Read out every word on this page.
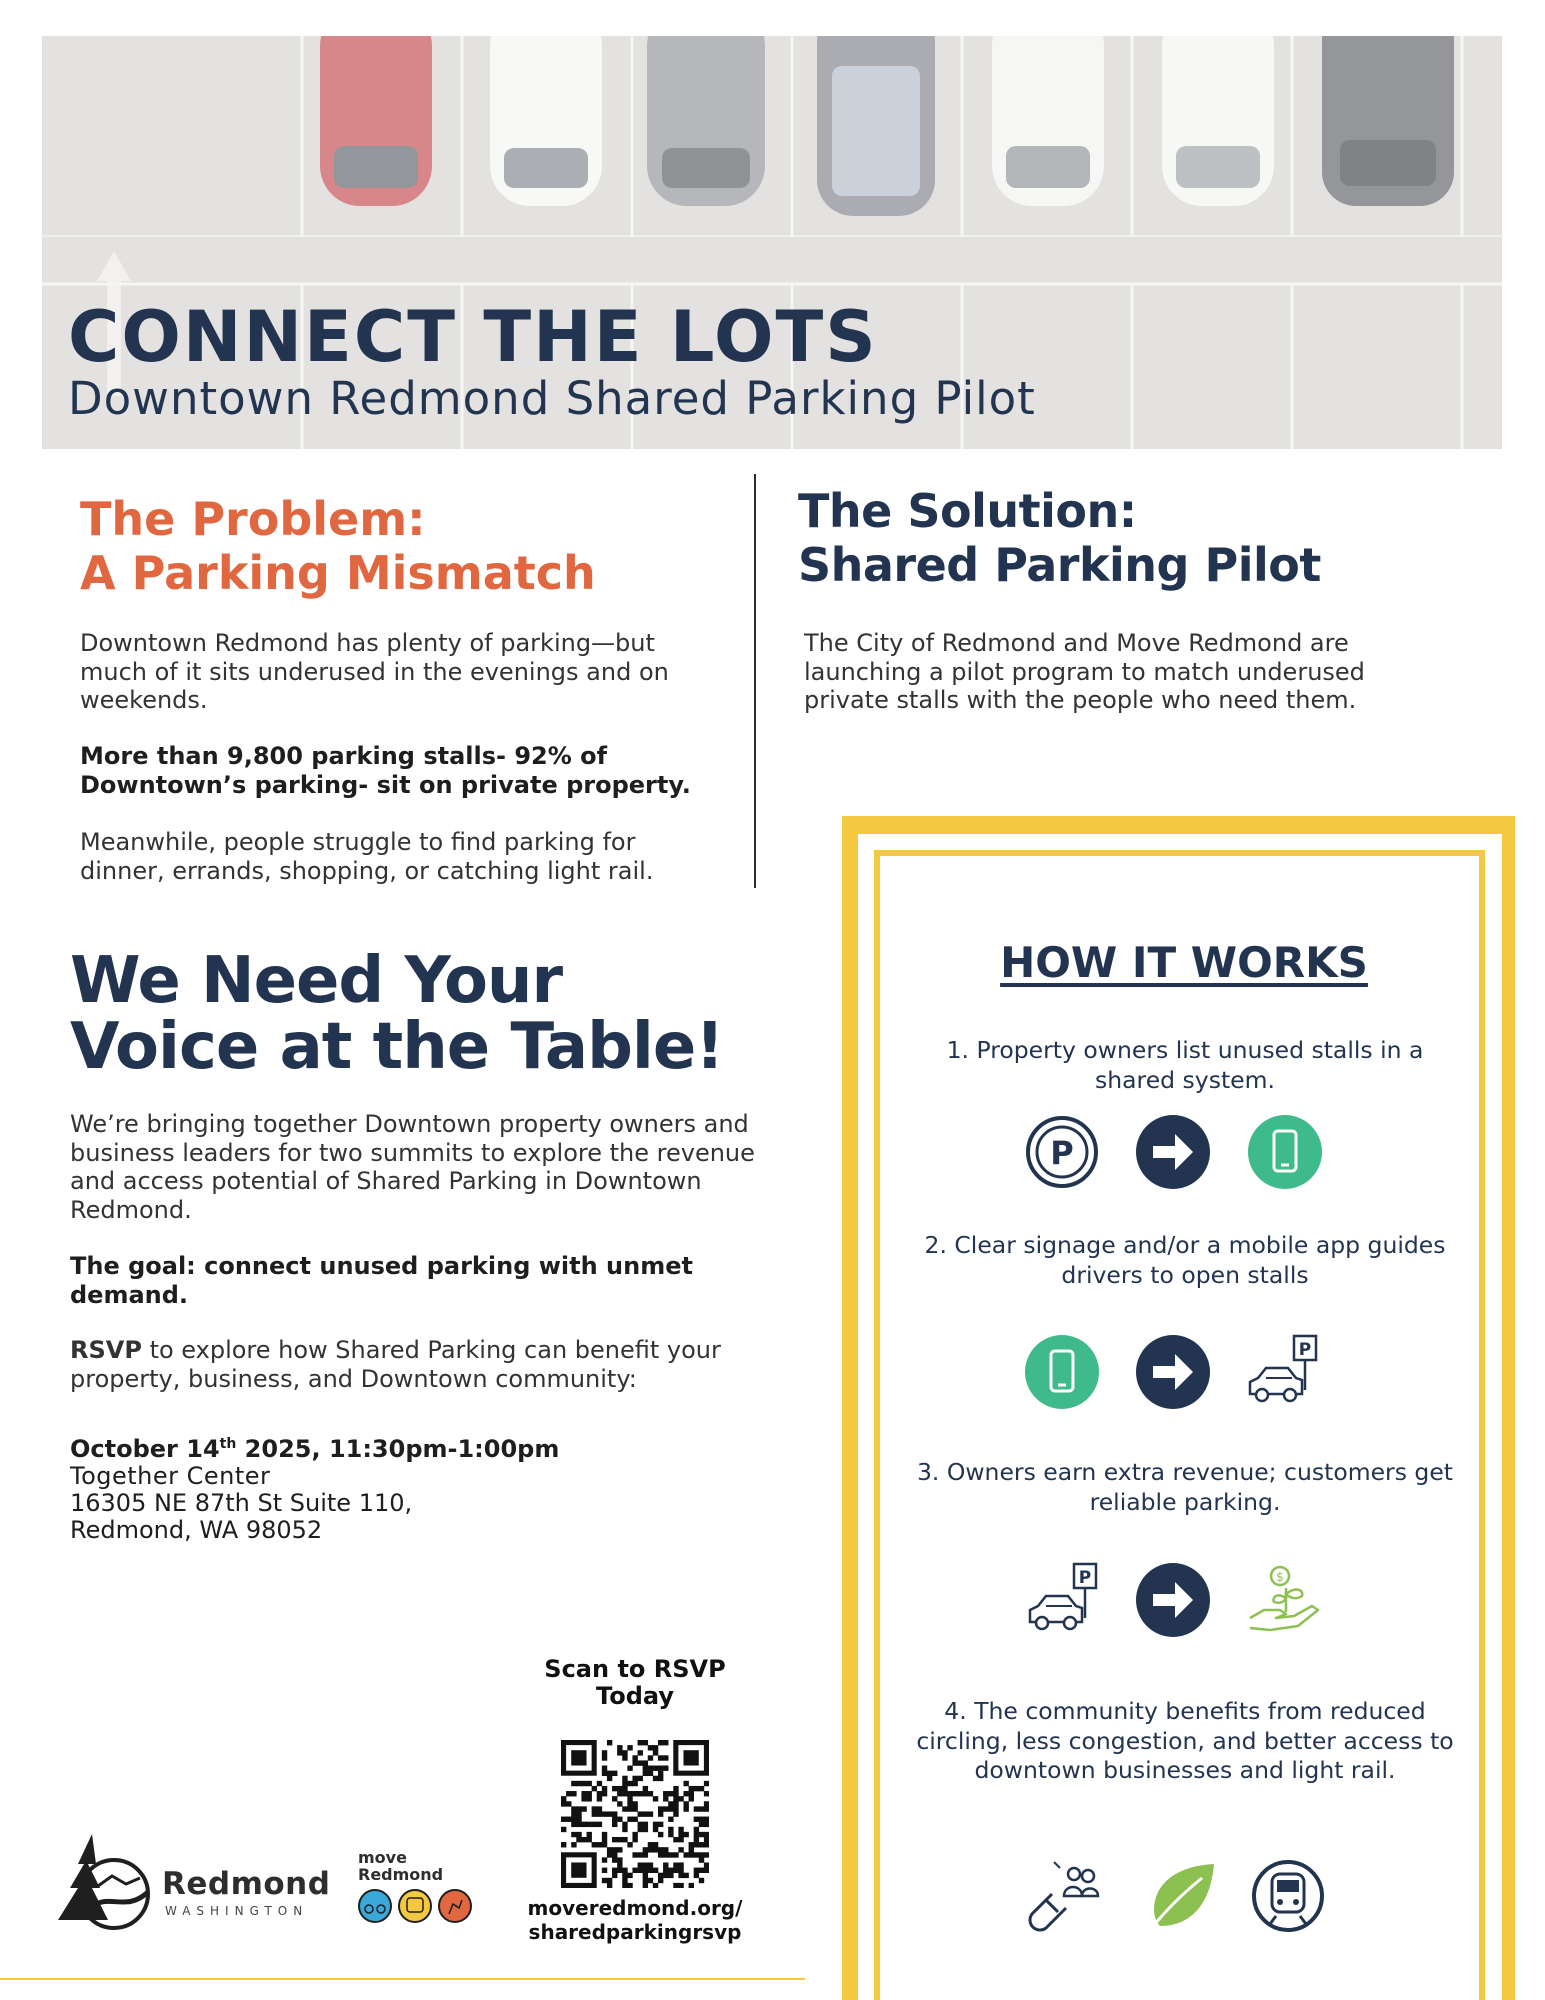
CONNECT THE LOTS
Downtown Redmond Shared Parking Pilot
The Problem:
A Parking Mismatch
Downtown Redmond has plenty of parking—but much of it sits underused in the evenings and on weekends.
More than 9,800 parking stalls- 92% of Downtown’s parking- sit on private property.
Meanwhile, people struggle to find parking for dinner, errands, shopping, or catching light rail.
The Solution:
Shared Parking Pilot
The City of Redmond and Move Redmond are launching a pilot program to match underused private stalls with the people who need them.
We Need Your
Voice at the Table!
We’re bringing together Downtown property owners and business leaders for two summits to explore the revenue and access potential of Shared Parking in Downtown Redmond.
The goal: connect unused parking with unmet demand.
RSVP to explore how Shared Parking can benefit your property, business, and Downtown community:
October 14th 2025, 11:30pm-1:00pm
Together Center
16305 NE 87th St Suite 110,
Redmond, WA 98052
HOW IT WORKS
1. Property owners list unused stalls in a shared system.
2. Clear signage and/or a mobile app guides drivers to open stalls
3. Owners earn extra revenue; customers get reliable parking.
4. The community benefits from reduced circling, less congestion, and better access to downtown businesses and light rail.
P
P
P	$
Scan to RSVP
Today
moveredmond.org/
sharedparkingrsvp
Redmond
WASHINGTON
move
Redmond
